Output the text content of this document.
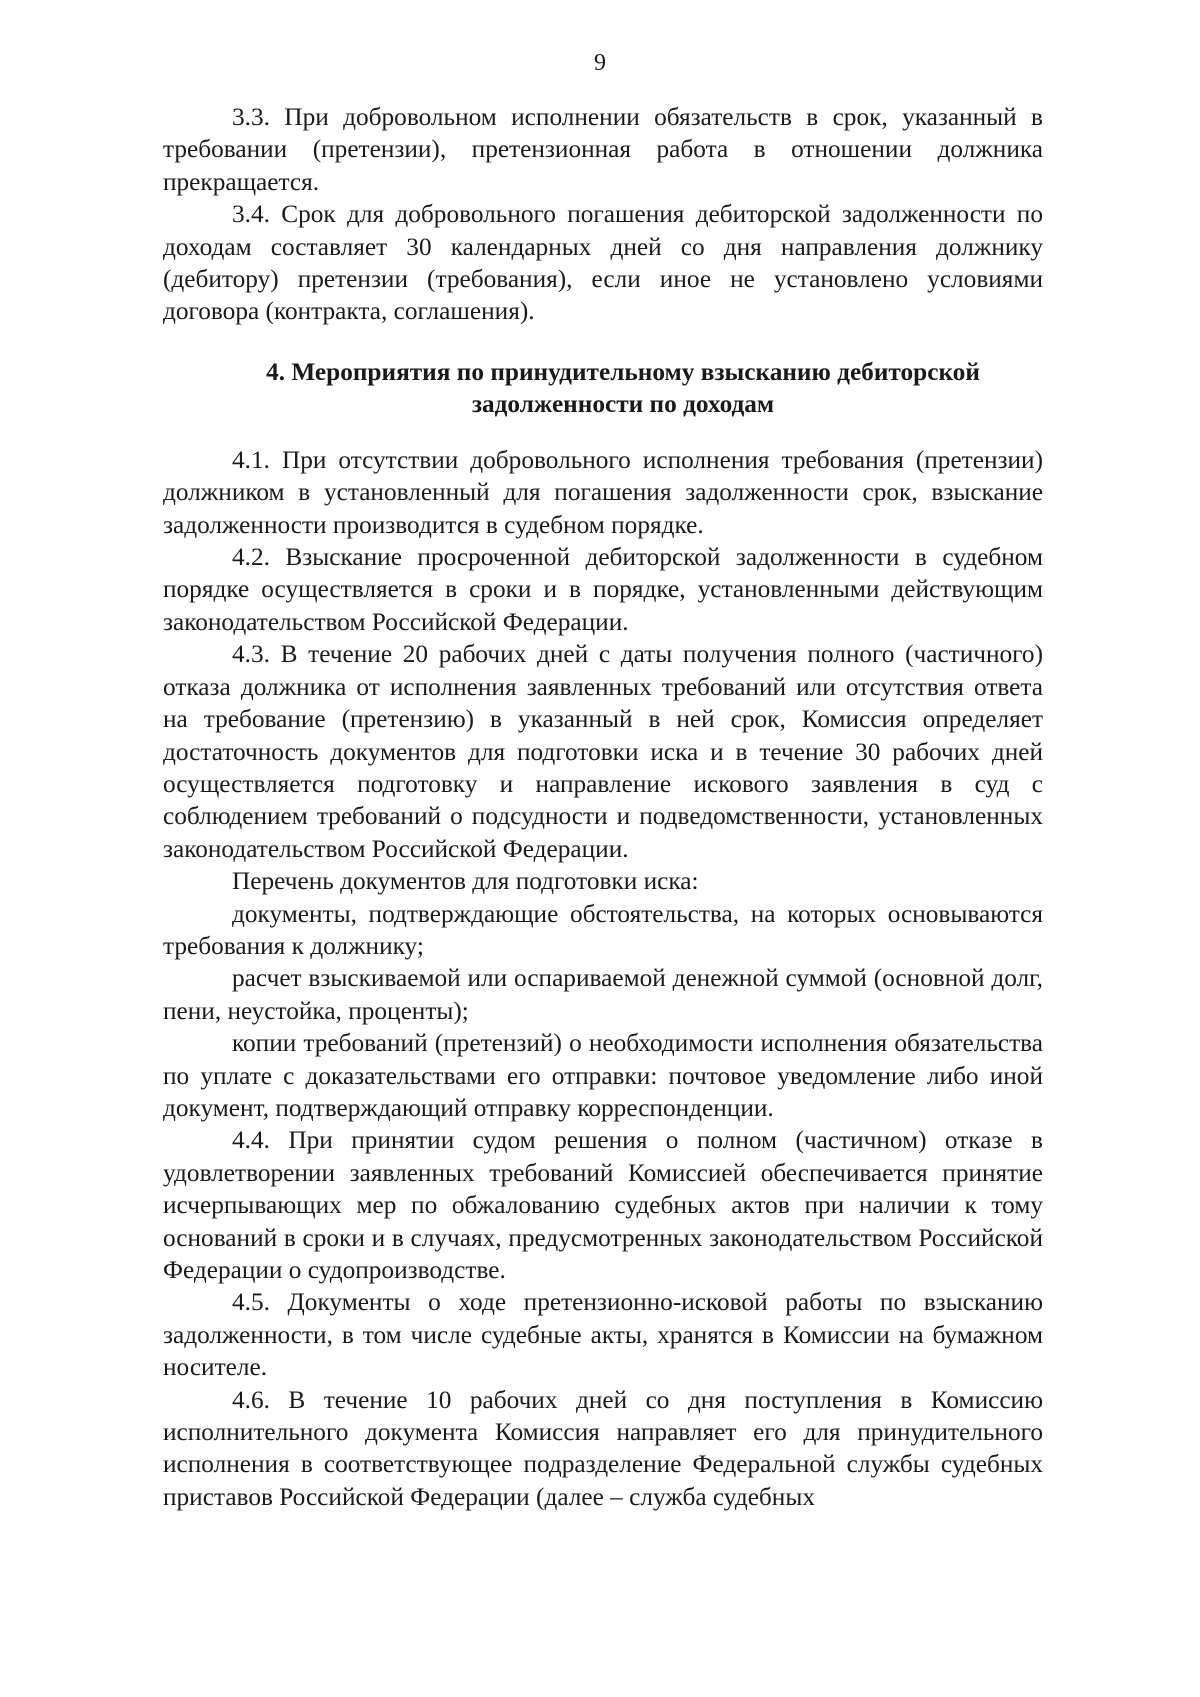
9

3.3. При добровольном исполнении обязательств в срок, указанный в требовании (претензии), претензионная работа в отношении должника прекращается.

3.4. Срок для добровольного погашения дебиторской задолженности по доходам составляет 30 календарных дней со дня направления должнику (дебитору) претензии (требования), если иное не установлено условиями договора (контракта, соглашения).

4. Мероприятия по принудительному взысканию дебиторской
задолженности по доходам

4.1. При отсутствии добровольного исполнения требования (претензии) должником в установленный для погашения задолженности срок, взыскание задолженности производится в судебном порядке.

4.2. Взыскание просроченной дебиторской задолженности в судебном порядке осуществляется в сроки и в порядке, установленными действующим законодательством Российской Федерации.

4.3. В течение 20 рабочих дней с даты получения полного (частичного) отказа должника от исполнения заявленных требований или отсутствия ответа на требование (претензию) в указанный в ней срок, Комиссия определяет достаточность документов для подготовки иска и в течение 30 рабочих дней осуществляется подготовку и направление искового заявления в суд с соблюдением требований о подсудности и подведомственности, установленных законодательством Российской Федерации.

Перечень документов для подготовки иска:

документы, подтверждающие обстоятельства, на которых основываются требования к должнику;

расчет взыскиваемой или оспариваемой денежной суммой (основной долг, пени, неустойка, проценты);

копии требований (претензий) о необходимости исполнения обязательства по уплате с доказательствами его отправки: почтовое уведомление либо иной документ, подтверждающий отправку корреспонденции.

4.4. При принятии судом решения о полном (частичном) отказе в удовлетворении заявленных требований Комиссией обеспечивается принятие исчерпывающих мер по обжалованию судебных актов при наличии к тому оснований в сроки и в случаях, предусмотренных законодательством Российской Федерации о судопроизводстве.

4.5. Документы о ходе претензионно-исковой работы по взысканию задолженности, в том числе судебные акты, хранятся в Комиссии на бумажном носителе.

4.6. В течение 10 рабочих дней со дня поступления в Комиссию исполнительного документа Комиссия направляет его для принудительного исполнения в соответствующее подразделение Федеральной службы судебных приставов Российской Федерации (далее – служба судебных
